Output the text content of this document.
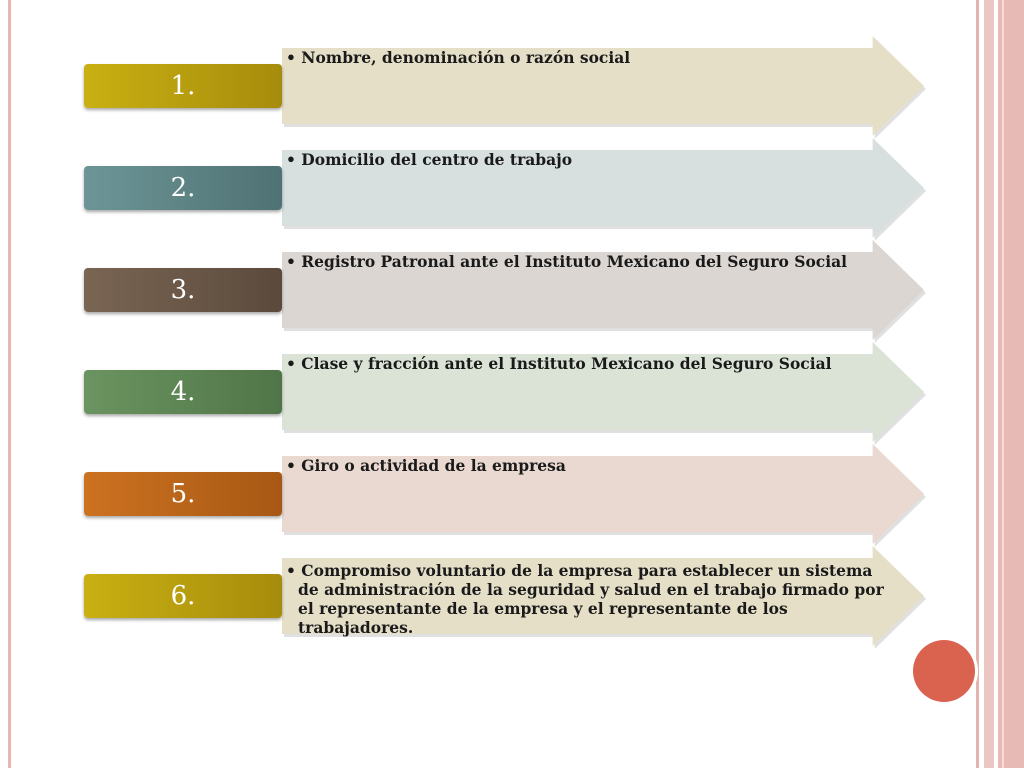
• Nombre, denominación o razón social
1.
• Domicilio del centro de trabajo
2.
• Registro Patronal ante el Instituto Mexicano del Seguro Social
3.
• Clase y fracción ante el Instituto Mexicano del Seguro Social
4.
• Giro o actividad de la empresa
5.
• Compromiso voluntario de la empresa para establecer un sistema de administración de la seguridad y salud en el trabajo firmado por el representante de la empresa y el representante de los trabajadores.
6.
